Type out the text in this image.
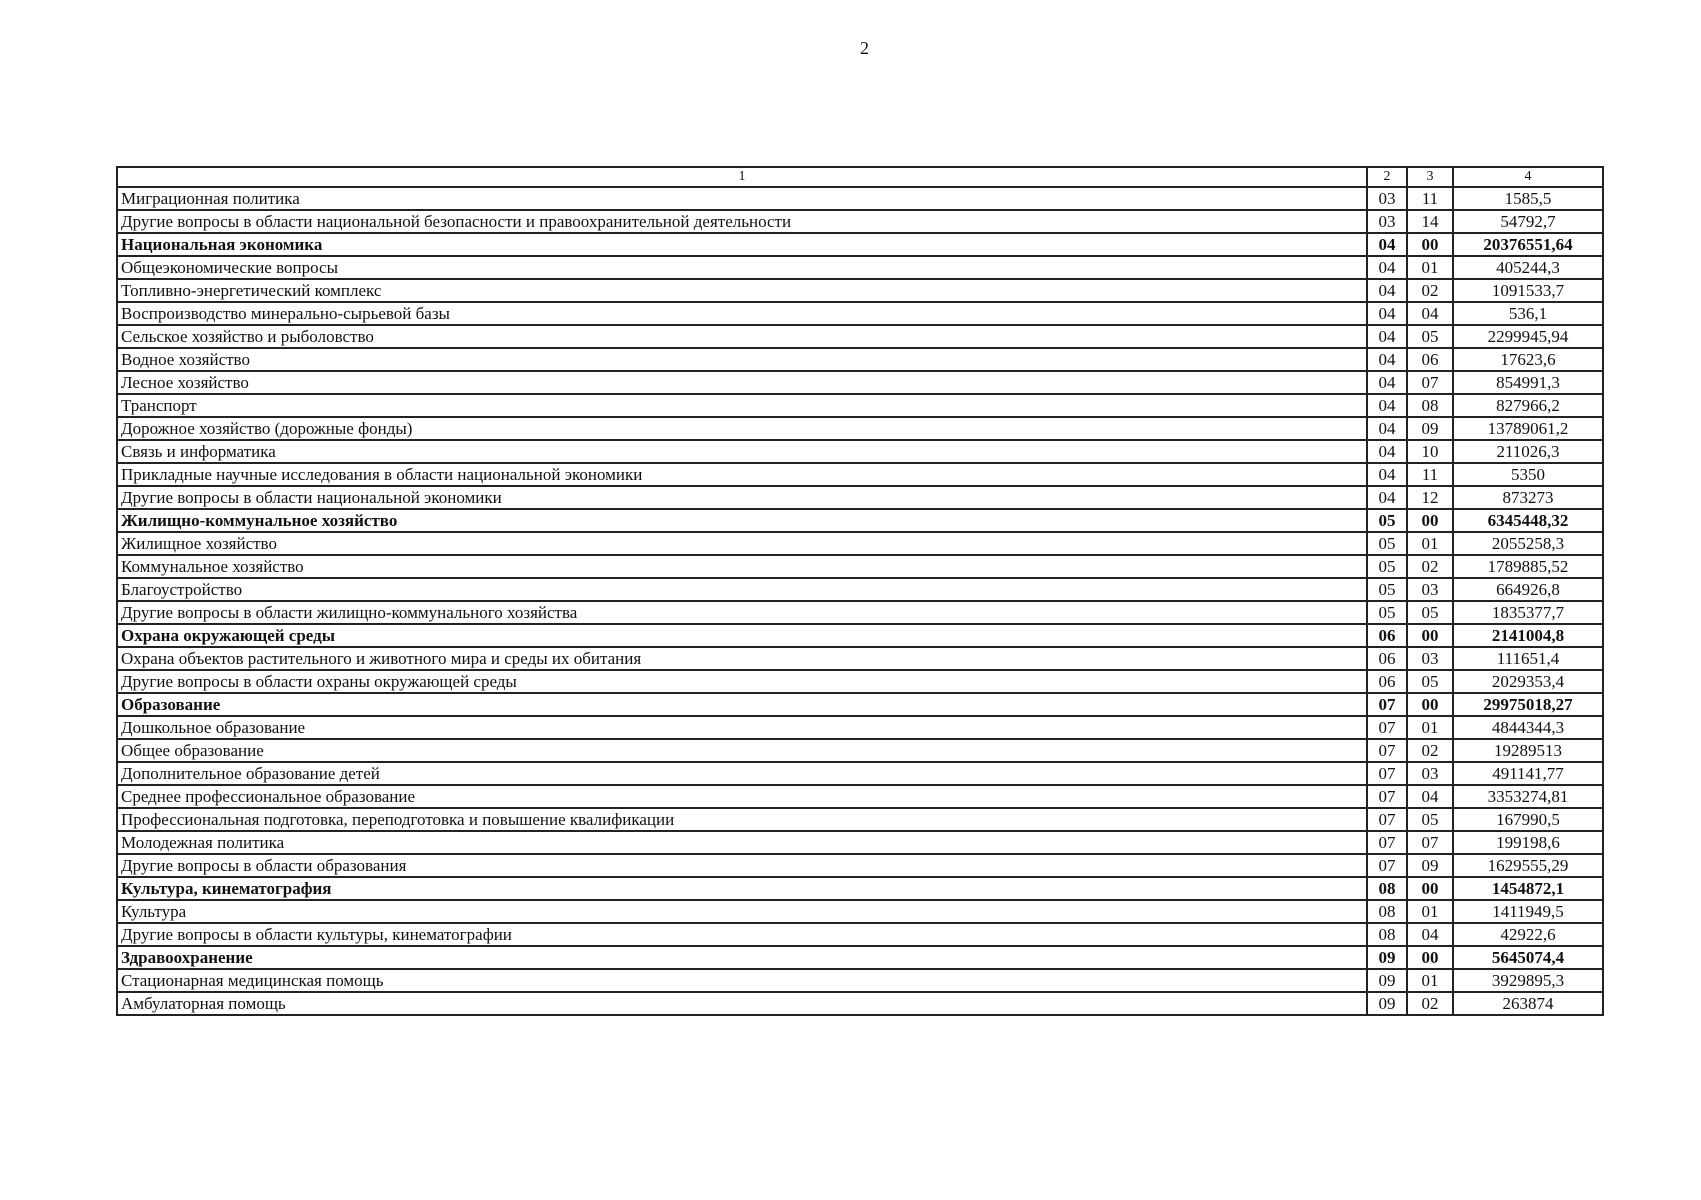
2
1	2	3	4
Миграционная политика	03	11	1585,5
Другие вопросы в области национальной безопасности и правоохранительной деятельности	03	14	54792,7
Национальная экономика	04	00	20376551,64
Общеэкономические вопросы	04	01	405244,3
Топливно-энергетический комплекс	04	02	1091533,7
Воспроизводство минерально-сырьевой базы	04	04	536,1
Сельское хозяйство и рыболовство	04	05	2299945,94
Водное хозяйство	04	06	17623,6
Лесное хозяйство	04	07	854991,3
Транспорт	04	08	827966,2
Дорожное хозяйство (дорожные фонды)	04	09	13789061,2
Связь и информатика	04	10	211026,3
Прикладные научные исследования в области национальной экономики	04	11	5350
Другие вопросы в области национальной экономики	04	12	873273
Жилищно-коммунальное хозяйство	05	00	6345448,32
Жилищное хозяйство	05	01	2055258,3
Коммунальное хозяйство	05	02	1789885,52
Благоустройство	05	03	664926,8
Другие вопросы в области жилищно-коммунального хозяйства	05	05	1835377,7
Охрана окружающей среды	06	00	2141004,8
Охрана объектов растительного и животного мира и среды их обитания	06	03	111651,4
Другие вопросы в области охраны окружающей среды	06	05	2029353,4
Образование	07	00	29975018,27
Дошкольное образование	07	01	4844344,3
Общее образование	07	02	19289513
Дополнительное образование детей	07	03	491141,77
Среднее профессиональное образование	07	04	3353274,81
Профессиональная подготовка, переподготовка и повышение квалификации	07	05	167990,5
Молодежная политика	07	07	199198,6
Другие вопросы в области образования	07	09	1629555,29
Культура, кинематография	08	00	1454872,1
Культура	08	01	1411949,5
Другие вопросы в области культуры, кинематографии	08	04	42922,6
Здравоохранение	09	00	5645074,4
Стационарная медицинская помощь	09	01	3929895,3
Амбулаторная помощь	09	02	263874
